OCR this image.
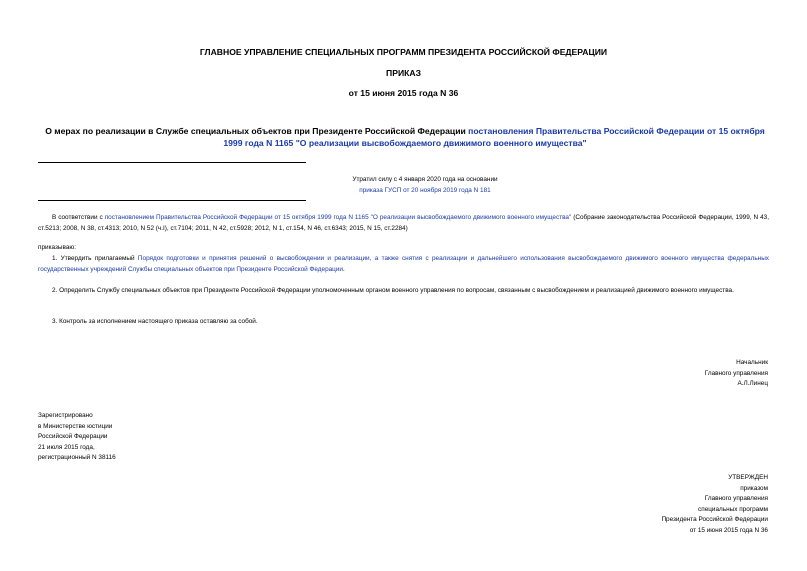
ГЛАВНОЕ УПРАВЛЕНИЕ СПЕЦИАЛЬНЫХ ПРОГРАММ ПРЕЗИДЕНТА РОССИЙСКОЙ ФЕДЕРАЦИИ
ПРИКАЗ
от 15 июня 2015 года N 36
О мерах по реализации в Службе специальных объектов при Президенте Российской Федерации постановления Правительства Российской Федерации от 15 октября 1999 года N 1165 "О реализации высвобождаемого движимого военного имущества"
Утратил силу с 4 января 2020 года на основании
приказа ГУСП от 20 ноября 2019 года N 181
В соответствии с постановлением Правительства Российской Федерации от 15 октября 1999 года N 1165 "О реализации высвобождаемого движимого военного имущества" (Собрание законодательства Российской Федерации, 1999, N 43, ст.5213; 2008, N 38, ст.4313; 2010, N 52 (ч.I), ст.7104; 2011, N 42, ст.5928; 2012, N 1, ст.154, N 46, ст.6343; 2015, N 15, ст.2284)
приказываю:
1. Утвердить прилагаемый Порядок подготовки и принятия решений о высвобождении и реализации, а также снятия с реализации и дальнейшего использования высвобождаемого движимого военного имущества федеральных государственных учреждений Службы специальных объектов при Президенте Российской Федерации.
2. Определить Службу специальных объектов при Президенте Российской Федерации уполномоченным органом военного управления по вопросам, связанным с высвобождением и реализацией движимого военного имущества.
3. Контроль за исполнением настоящего приказа оставляю за собой.
Начальник
Главного управления
А.Л.Линец
Зарегистрировано
в Министерстве юстиции
Российской Федерации
21 июля 2015 года,
регистрационный N 38116
УТВЕРЖДЕН
приказом
Главного управления
специальных программ
Президента Российской Федерации
от 15 июня 2015 года N 36
